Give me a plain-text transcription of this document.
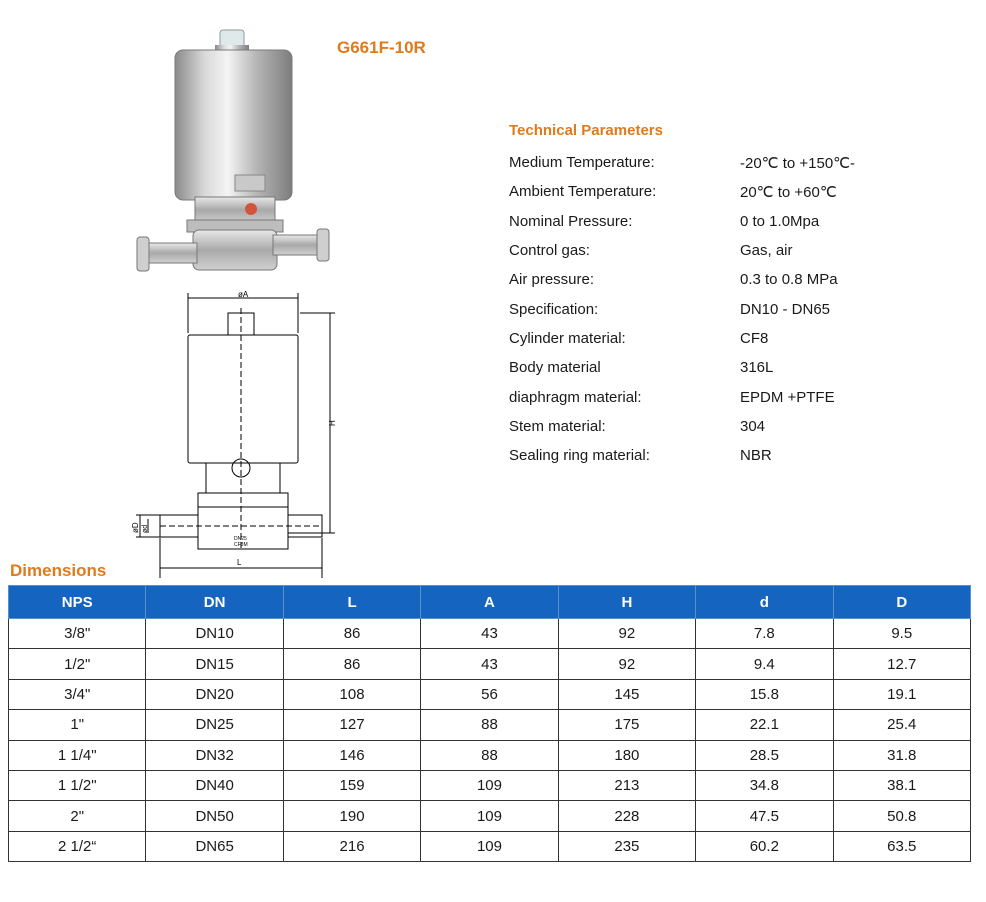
øA
H
L
øD ød
DN25
CF8M
G661F-10R
Technical Parameters
Medium Temperature:	-20℃ to +150℃-
Ambient Temperature:	20℃ to +60℃
Nominal Pressure:	0 to 1.0Mpa
Control gas:	Gas, air
Air pressure:	0.3 to 0.8 MPa
Specification:	DN10 - DN65
Cylinder material:	CF8
Body material	316L
diaphragm material:	EPDM +PTFE
Stem material:	304
Sealing ring material:	NBR
Dimensions
NPS	DN	L	A	H	d	D
3/8"	DN10	86	43	92	7.8	9.5
1/2"	DN15	86	43	92	9.4	12.7
3/4"	DN20	108	56	145	15.8	19.1
1"	DN25	127	88	175	22.1	25.4
1 1/4"	DN32	146	88	180	28.5	31.8
1 1/2"	DN40	159	109	213	34.8	38.1
2"	DN50	190	109	228	47.5	50.8
2 1/2“	DN65	216	109	235	60.2	63.5
